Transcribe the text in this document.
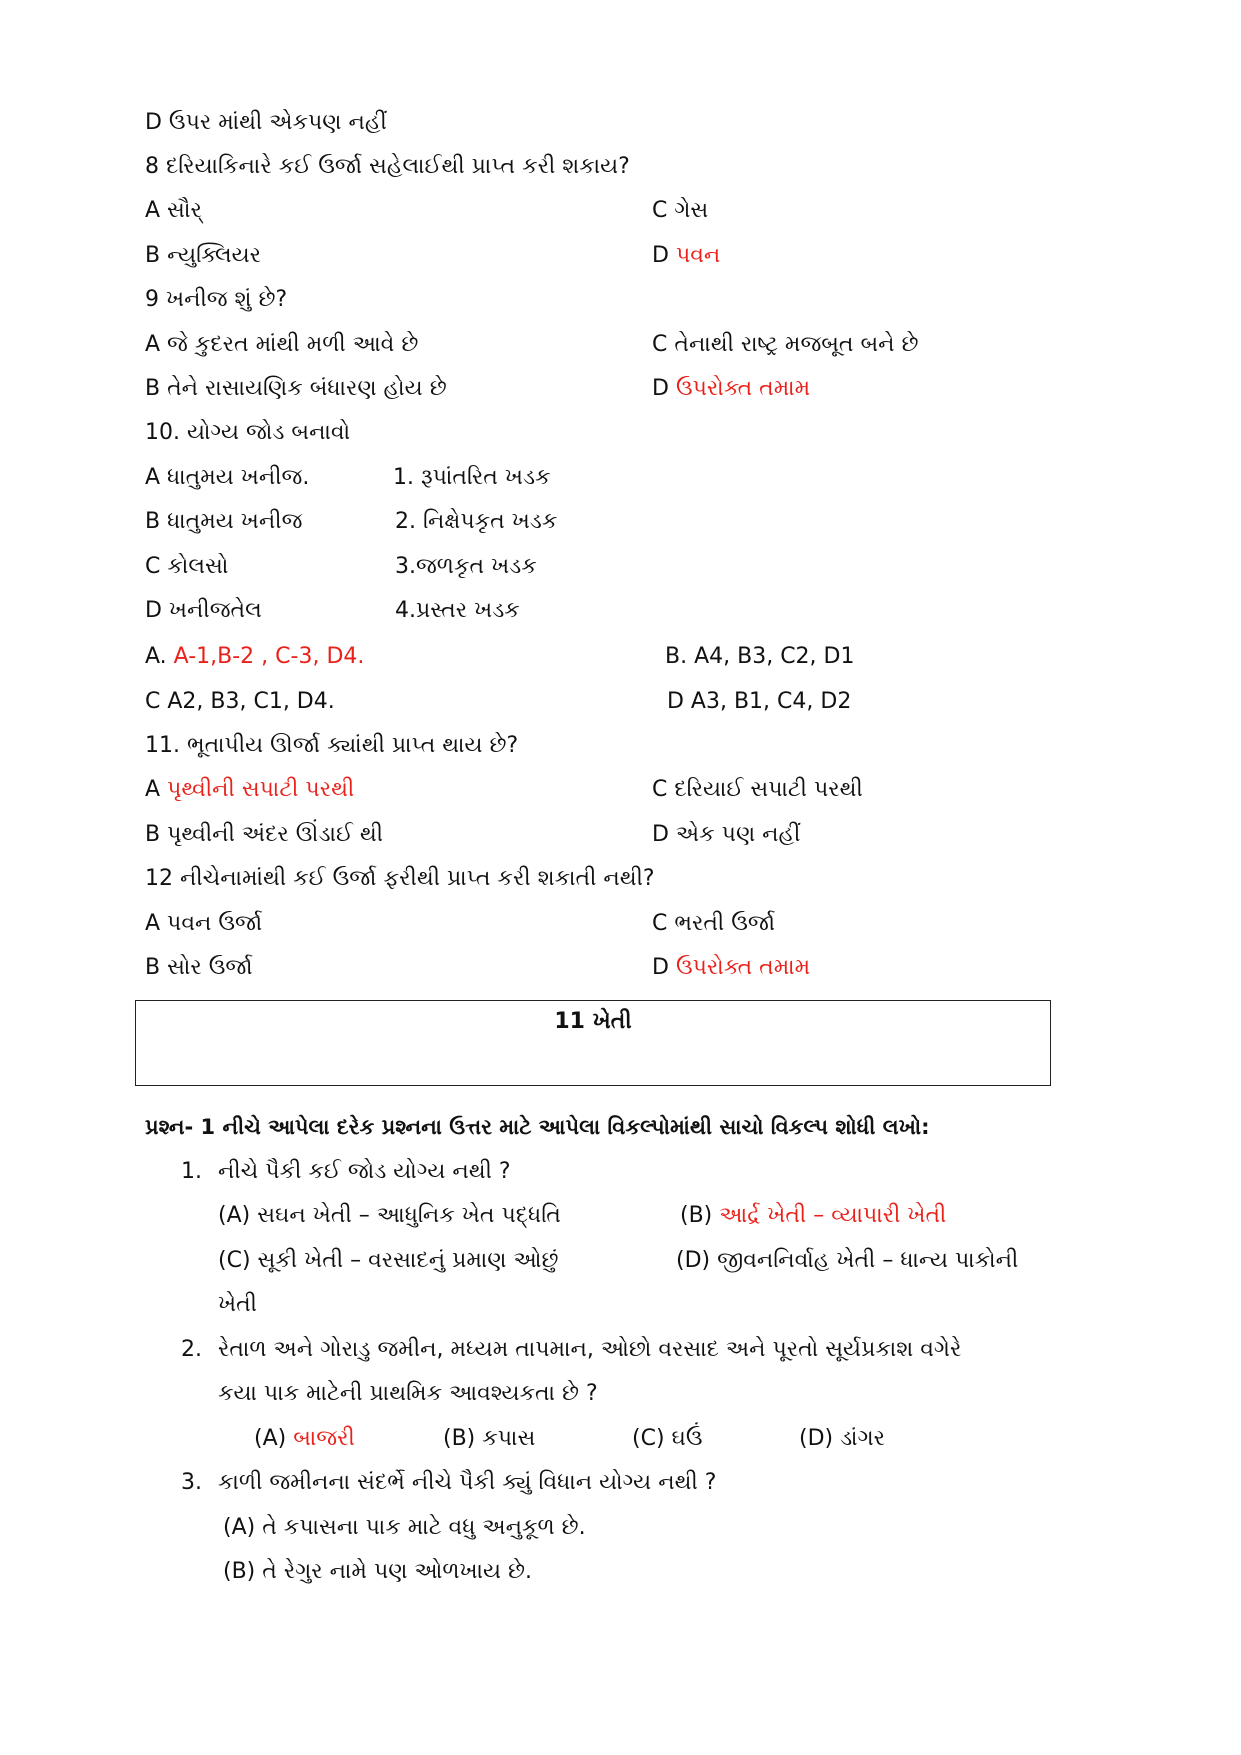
D ઉપર માંથી એકપણ નહીં
8 દરિયાકિનારે કઈ ઉર્જા સહેલાઈથી પ્રાપ્ત કરી શકાય?
A સૌર્	C ગેસ
B ન્યુક્લિયર	D પવન
9 ખનીજ શું છે?
A જે કુદરત માંથી મળી આવે છે	C તેનાથી રાષ્ટ્ર મજબૂત બને છે
B તેને રાસાયણિક બંધારણ હોય છે	D ઉપરોક્ત તમામ
10. યોગ્ય જોડ બનાવો
A ધાતુમય ખનીજ.	1. રૂપાંતરિત ખડક
B ધાતુમય ખનીજ	2. નિક્ષેપકૃત ખડક
C કોલસો	3.જળકૃત ખડક
D ખનીજતેલ	4.પ્રસ્તર ખડક
A. A-1,B-2 , C-3, D4.	B. A4, B3, C2, D1
C A2, B3, C1, D4.	D A3, B1, C4, D2
11. ભૂતાપીય ઊર્જા ક્યાંથી પ્રાપ્ત થાય છે?
A પૃથ્વીની સપાટી પરથી	C દરિયાઈ સપાટી પરથી
B પૃથ્વીની અંદર ઊંડાઈ થી	D એક પણ નહીં
12 નીચેનામાંથી કઈ ઉર્જા ફરીથી પ્રાપ્ત કરી શકાતી નથી?
A પવન ઉર્જા	C ભરતી ઉર્જા
B સોર ઉર્જા	D ઉપરોક્ત તમામ
11 ખેતી
પ્રશ્ન- 1 નીચે આપેલા દરેક પ્રશ્નના ઉત્તર માટે આપેલા વિકલ્પોમાંથી સાચો વિકલ્પ શોધી લખો:
1. નીચે પૈકી કઈ જોડ યોગ્ય નથી ?
(A) સઘન ખેતી – આધુનિક ખેત પદ્ધતિ	(B) આર્દ્ર ખેતી – વ્યાપારી ખેતી
(C) સૂકી ખેતી – વરસાદનું પ્રમાણ ઓછું	(D) જીવનનિર્વાહ ખેતી – ધાન્ય પાકોની
ખેતી
2. રેતાળ અને ગોરાડુ જમીન, મધ્યમ તાપમાન, ઓછો વરસાદ અને પૂરતો સૂર્યપ્રકાશ વગેરે
કયા પાક માટેની પ્રાથમિક આવશ્યકતા છે ?
(A) બાજરી	(B) કપાસ	(C) ઘઉં	(D) ડાંગર
3. કાળી જમીનના સંદર્ભે નીચે પૈકી ક્યું વિધાન યોગ્ય નથી ?
(A) તે કપાસના પાક માટે વધુ અનુકૂળ છે.
(B) તે રેગુર નામે પણ ઓળખાય છે.
